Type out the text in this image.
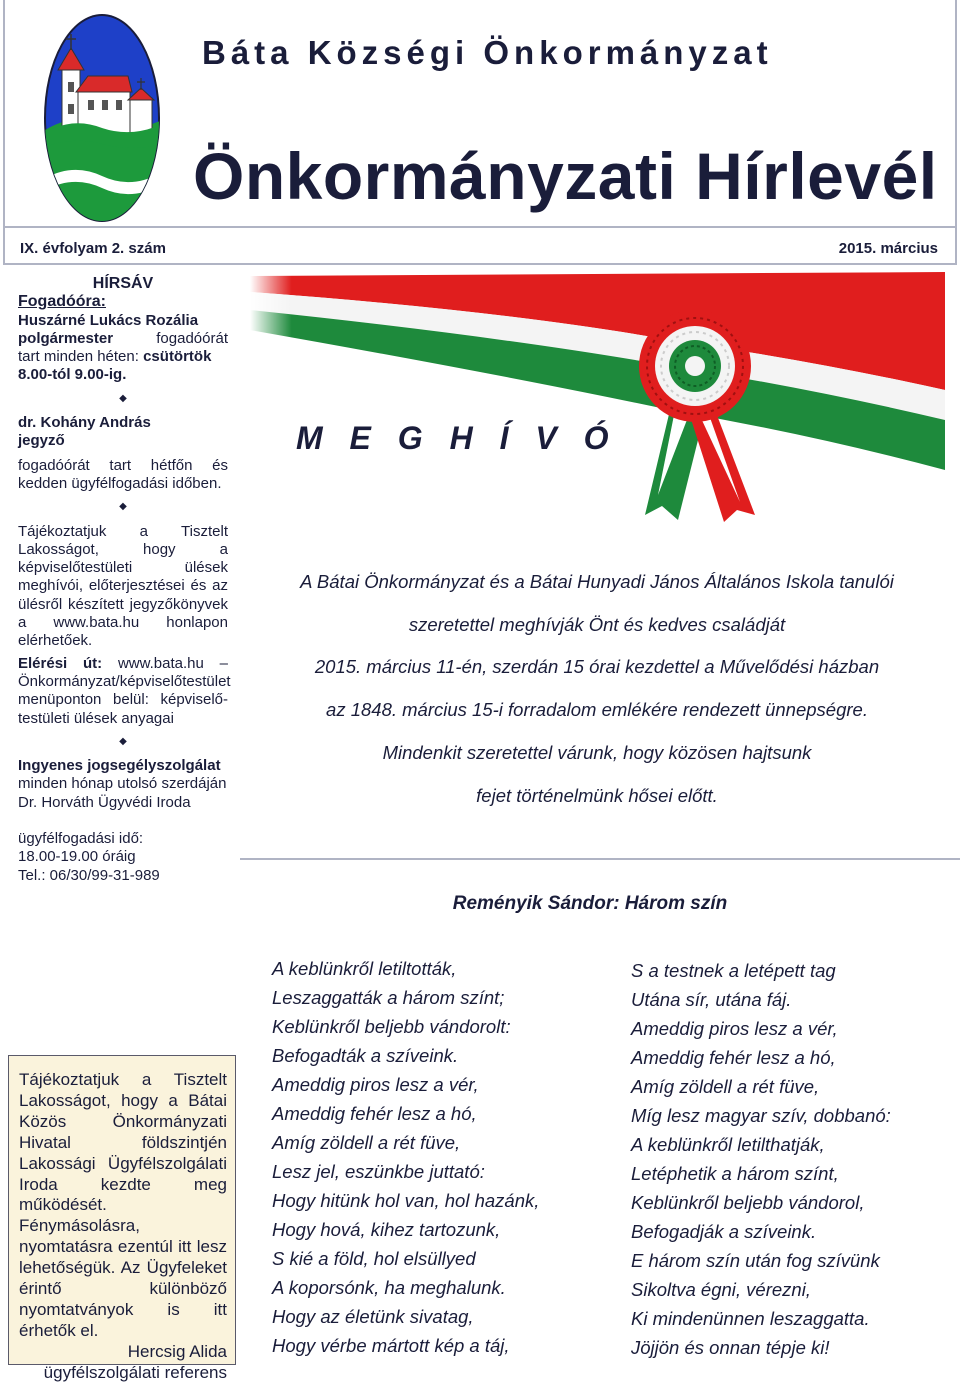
Báta Községi Önkormányzat
Önkormányzati Hírlevél
IX. évfolyam 2. szám	2015. március

HÍRSÁV

Fogadóóra:

Huszárné Lukács Rozália

polgármester	fogadóórát

tart minden héten: csütörtök

8.00-tól 9.00-ig.

◆

dr. Kohány András

jegyző

fogadóórát tart hétfőn és kedden ügyfélfogadási időben.

◆

Tájékoztatjuk a Tisztelt Lakosságot, hogy a képviselőtestületi ülések meghívói, előterjesztései és az ülésről készített jegyzőkönyvek a www.bata.hu honlapon elérhetőek.

Elérési út: www.bata.hu – Önkormányzat/képviselőtestület menüponton belül: képviselő-testületi ülések anyagai

◆

Ingyenes jogsegélyszolgálat

minden hónap utolsó szerdáján

Dr. Horváth Ügyvédi Iroda

ügyfélfogadási idő:

18.00-19.00 óráig

Tel.: 06/30/99-31-989

Tájékoztatjuk a Tisztelt Lakosságot, hogy a Bátai Közös Önkormányzati Hivatal földszintjén Lakossági Ügyfélszolgálati Iroda kezdte meg működését. Fénymásolásra, nyomtatásra ezentúl itt lesz lehetőségük. Az Ügyfeleket érintő különböző nyomtatványok is itt érhetők el.

Hercsig Alida

ügyfélszolgálati referens

M E G H Í V Ó

A Bátai Önkormányzat és a Bátai Hunyadi János Általános Iskola tanulói

szeretettel meghívják Önt és kedves családját

2015. március 11-én, szerdán 15 órai kezdettel a Művelődési házban

az 1848. március 15-i forradalom emlékére rendezett ünnepségre.

Mindenkit szeretettel várunk, hogy közösen hajtsunk

fejet történelmünk hősei előtt.

Reményik Sándor: Három szín

A keblünkről letiltották,

Leszaggatták a három színt;

Keblünkről beljebb vándorolt:

Befogadták a szíveink.

Ameddig piros lesz a vér,

Ameddig fehér lesz a hó,

Amíg zöldell a rét füve,

Lesz jel, eszünkbe juttató:

Hogy hitünk hol van, hol hazánk,

Hogy hová, kihez tartozunk,

S kié a föld, hol elsüllyed

A koporsónk, ha meghalunk.

Hogy az életünk sivatag,

Hogy vérbe mártott kép a táj,

S a testnek a letépett tag

Utána sír, utána fáj.

Ameddig piros lesz a vér,

Ameddig fehér lesz a hó,

Amíg zöldell a rét füve,

Míg lesz magyar szív, dobbanó:

A keblünkről letilthatják,

Letéphetik a három színt,

Keblünkről beljebb vándorol,

Befogadják a szíveink.

E három szín után fog szívünk

Sikoltva égni, vérezni,

Ki mindenünnen leszaggatta.

Jöjjön és onnan tépje ki!
